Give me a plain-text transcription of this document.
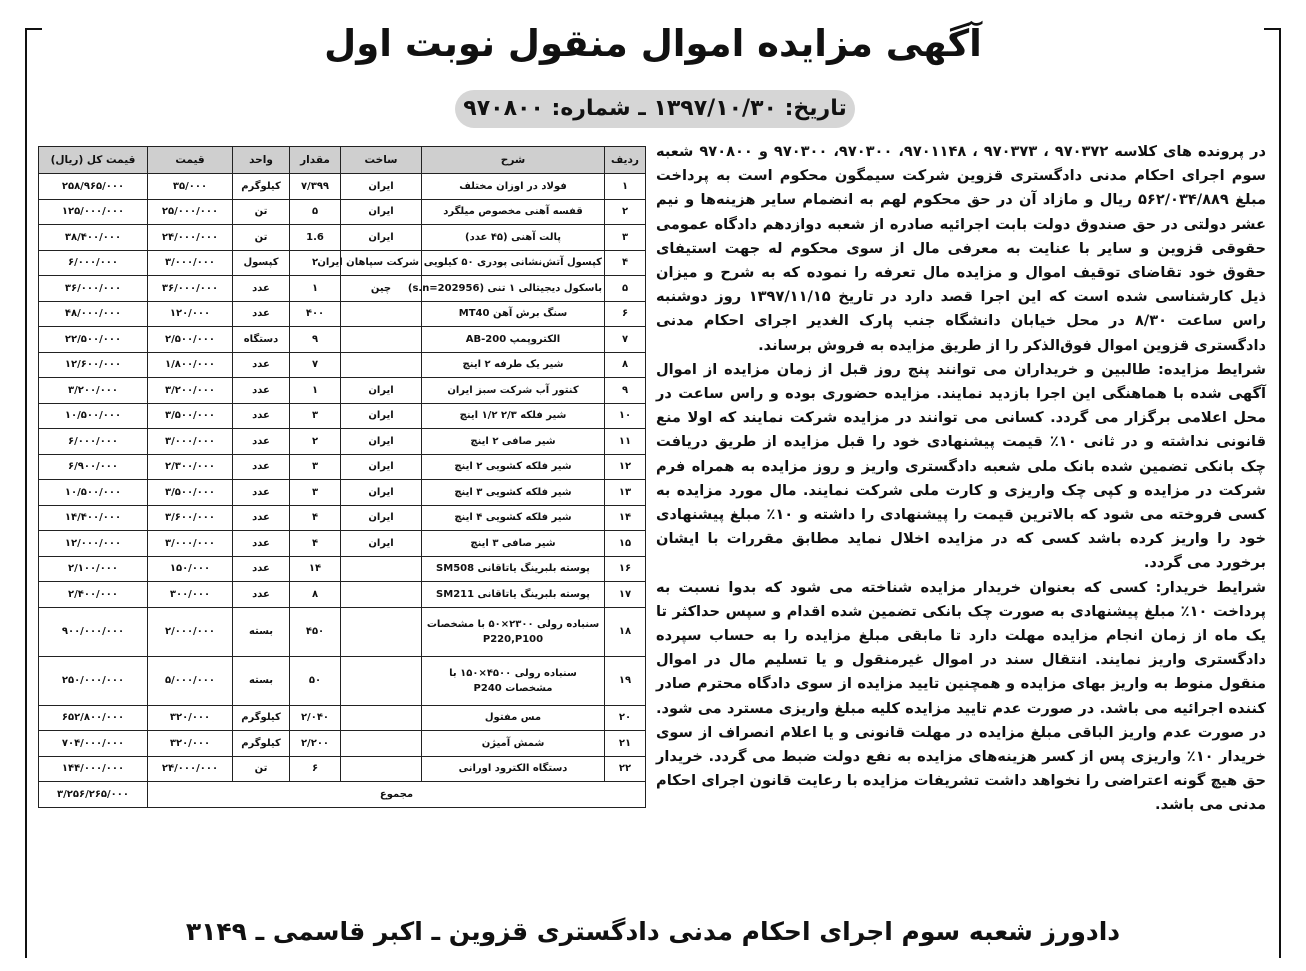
آگهی مزایده اموال منقول نوبت اول
تاریخ: ۱۳۹۷/۱۰/۳۰ ـ شماره: ۹۷۰۸۰۰

در پرونده های کلاسه ۹۷۰۳۷۲ ، ۹۷۰۳۷۳ ، ۹۷۰۱۱۴۸، ۹۷۰۳۰۰، ۹۷۰۳۰۰ و ۹۷۰۸۰۰ شعبه سوم اجرای احکام مدنی دادگستری قزوین شرکت سیمگون محکوم است به پرداخت مبلغ ۵۶۲/۰۳۴/۸۸۹ ریال و مازاد آن در حق محکوم لهم به انضمام سایر هزینه‌ها و نیم عشر دولتی در حق صندوق دولت بابت اجرائیه صادره از شعبه دوازدهم دادگاه عمومی حقوقی قزوین و سایر با عنایت به معرفی مال از سوی محکوم له جهت استیفای حقوق خود تقاضای توقیف اموال و مزایده مال تعرفه را نموده که به شرح و میزان ذیل کارشناسی شده است که این اجرا قصد دارد در تاریخ ۱۳۹۷/۱۱/۱۵ روز دوشنبه راس ساعت ۸/۳۰ در محل خیابان دانشگاه جنب پارک الغدیر اجرای احکام مدنی دادگستری قزوین اموال فوق‌الذکر را از طریق مزایده به فروش برساند.

شرایط مزایده: طالبین و خریداران می توانند پنج روز قبل از زمان مزایده از اموال آگهی شده با هماهنگی این اجرا بازدید نمایند. مزایده حضوری بوده و راس ساعت در محل اعلامی برگزار می گردد. کسانی می توانند در مزایده شرکت نمایند که اولا منع قانونی نداشته و در ثانی ۱۰٪ قیمت پیشنهادی خود را قبل مزایده از طریق دریافت چک بانکی تضمین شده بانک ملی شعبه دادگستری واریز و روز مزایده به همراه فرم شرکت در مزایده و کپی چک واریزی و کارت ملی شرکت نمایند. مال مورد مزایده به کسی فروخته می شود که بالاترین قیمت را پیشنهادی را داشته و ۱۰٪ مبلغ پیشنهادی خود را واریز کرده باشد کسی که در مزایده اخلال نماید مطابق مقررات با ایشان برخورد می گردد.

شرایط خریدار: کسی که بعنوان خریدار مزایده شناخته می شود که بدوا نسبت به پرداخت ۱۰٪ مبلغ پیشنهادی به صورت چک بانکی تضمین شده اقدام و سپس حداکثر تا یک ماه از زمان انجام مزایده مهلت دارد تا مابقی مبلغ مزایده را به حساب سپرده دادگستری واریز نمایند. انتقال سند در اموال غیرمنقول و یا تسلیم مال در اموال منقول منوط به واریز بهای مزایده و همچنین تایید مزایده از سوی دادگاه محترم صادر کننده اجرائیه می باشد. در صورت عدم تایید مزایده کلیه مبلغ واریزی مسترد می شود. در صورت عدم واریز الباقی مبلغ مزایده در مهلت قانونی و یا اعلام انصراف از سوی خریدار ۱۰٪ واریزی پس از کسر هزینه‌های مزایده به نفع دولت ضبط می گردد. خریدار حق هیچ گونه اعتراضی را نخواهد داشت تشریفات مزایده با رعایت قانون اجرای احکام مدنی می باشد.

ردیف	شرح	ساخت	مقدار	واحد	قیمت	قیمت کل (ریال)
۱	فولاد در اوزان مختلف	ایران	۷/۳۹۹	کیلوگرم	۳۵/۰۰۰	۲۵۸/۹۶۵/۰۰۰
۲	قفسه آهنی مخصوص میلگرد	ایران	۵	تن	۲۵/۰۰۰/۰۰۰	۱۲۵/۰۰۰/۰۰۰
۳	پالت آهنی (۴۵ عدد)	ایران	1.6	تن	۲۴/۰۰۰/۰۰۰	۳۸/۴۰۰/۰۰۰
۴	کپسول آتش‌نشانی پودری ۵۰ کیلویی	شرکت سپاهان ایران	۲	کپسول	۳/۰۰۰/۰۰۰	۶/۰۰۰/۰۰۰
۵	باسکول دیجیتالی ۱ تنی (s.n=202956)	چین	۱	عدد	۳۶/۰۰۰/۰۰۰	۳۶/۰۰۰/۰۰۰
۶	سنگ برش آهن MT40		۴۰۰	عدد	۱۲۰/۰۰۰	۴۸/۰۰۰/۰۰۰
۷	الکتروپمپ AB-200		۹	دستگاه	۲/۵۰۰/۰۰۰	۲۲/۵۰۰/۰۰۰
۸	شیر یک طرفه ۲ اینچ		۷	عدد	۱/۸۰۰/۰۰۰	۱۲/۶۰۰/۰۰۰
۹	کنتور آب شرکت سبز ایران	ایران	۱	عدد	۳/۲۰۰/۰۰۰	۳/۲۰۰/۰۰۰
۱۰	شیر فلکه ۲/۳ ۱/۲ اینچ	ایران	۳	عدد	۳/۵۰۰/۰۰۰	۱۰/۵۰۰/۰۰۰
۱۱	شیر صافی ۲ اینچ	ایران	۲	عدد	۳/۰۰۰/۰۰۰	۶/۰۰۰/۰۰۰
۱۲	شیر فلکه کشویی ۲ اینچ	ایران	۳	عدد	۲/۳۰۰/۰۰۰	۶/۹۰۰/۰۰۰
۱۳	شیر فلکه کشویی ۳ اینچ	ایران	۳	عدد	۳/۵۰۰/۰۰۰	۱۰/۵۰۰/۰۰۰
۱۴	شیر فلکه کشویی ۴ اینچ	ایران	۴	عدد	۳/۶۰۰/۰۰۰	۱۴/۴۰۰/۰۰۰
۱۵	شیر صافی ۳ اینچ	ایران	۴	عدد	۳/۰۰۰/۰۰۰	۱۲/۰۰۰/۰۰۰
۱۶	پوسته بلبرینگ یاتاقانی SM508		۱۴	عدد	۱۵۰/۰۰۰	۲/۱۰۰/۰۰۰
۱۷	پوسته بلبرینگ یاتاقانی SM211		۸	عدد	۳۰۰/۰۰۰	۲/۴۰۰/۰۰۰
۱۸	سنباده رولی ۲۳۰۰×۵۰ با مشخصات P220,P100		۴۵۰	بسته	۲/۰۰۰/۰۰۰	۹۰۰/۰۰۰/۰۰۰
۱۹	سنباده رولی ۴۵۰۰×۱۵۰ با مشخصات P240		۵۰	بسته	۵/۰۰۰/۰۰۰	۲۵۰/۰۰۰/۰۰۰
۲۰	مس مفتول		۲/۰۴۰	کیلوگرم	۳۲۰/۰۰۰	۶۵۲/۸۰۰/۰۰۰
۲۱	شمش آمیژن		۲/۲۰۰	کیلوگرم	۳۲۰/۰۰۰	۷۰۴/۰۰۰/۰۰۰
۲۲	دستگاه الکترود اورانی		۶	تن	۲۴/۰۰۰/۰۰۰	۱۴۴/۰۰۰/۰۰۰
مجموع						۳/۲۵۶/۲۶۵/۰۰۰
دادورز شعبه سوم اجرای احکام مدنی دادگستری قزوین ـ اکبر قاسمی ـ ۳۱۴۹
